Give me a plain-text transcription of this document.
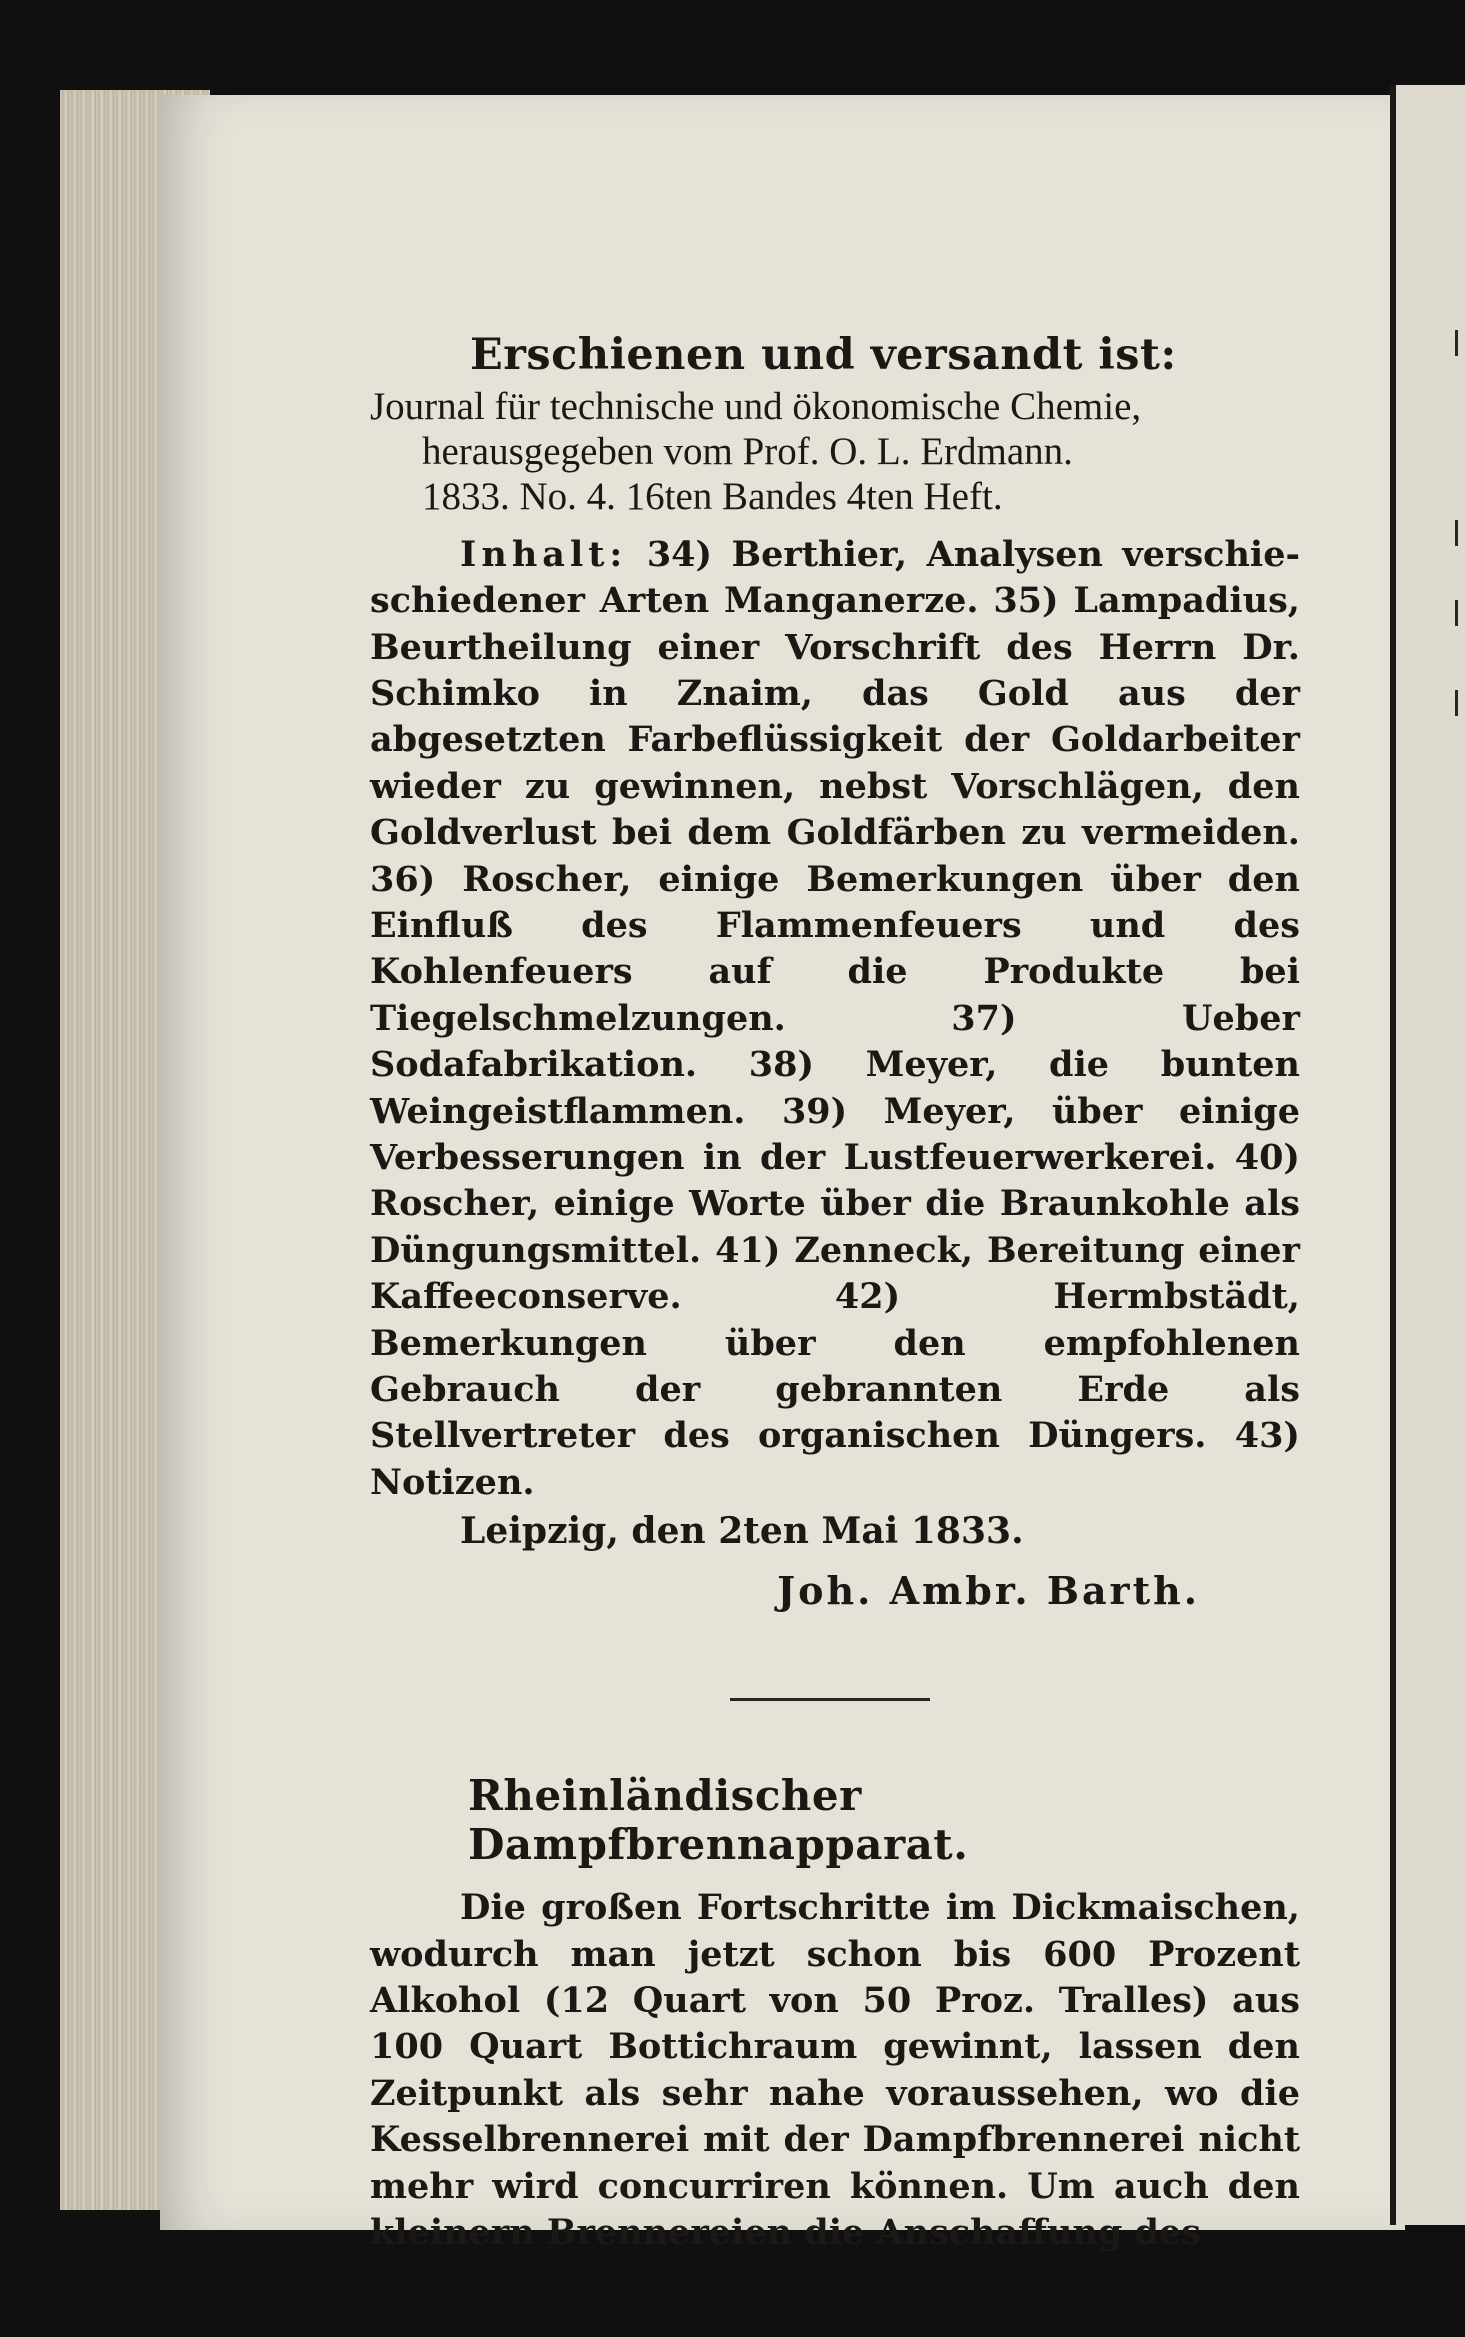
Erschienen und versandt ist:
Journal für technische und ökonomische Chemie,
herausgegeben vom Prof. O. L. Erdmann.
1833. No. 4. 16ten Bandes 4ten Heft.

Inhalt: 34) Berthier, Analysen verschie- schiedener Arten Manganerze. 35) Lampadius, Beurtheilung einer Vorschrift des Herrn Dr. Schimko in Znaim, das Gold aus der abgesetzten Farbeflüssigkeit der Goldarbeiter wieder zu gewinnen, nebst Vorschlägen, den Goldverlust bei dem Goldfärben zu vermeiden. 36) Roscher, einige Bemerkungen über den Einfluß des Flammenfeuers und des Kohlenfeuers auf die Produkte bei Tiegelschmelzungen. 37) Ueber Sodafabrikation. 38) Meyer, die bunten Weingeistflammen. 39) Meyer, über einige Verbesserungen in der Lustfeuerwerkerei. 40) Roscher, einige Worte über die Braunkohle als Düngungsmittel. 41) Zenneck, Bereitung einer Kaffeeconserve. 42) Hermbstädt, Bemerkungen über den empfohlenen Gebrauch der gebrannten Erde als Stellvertreter des organischen Düngers. 43) Notizen.

Leipzig, den 2ten Mai 1833.
Joh. Ambr. Barth.
Rheinländischer Dampfbrennapparat.

Die großen Fortschritte im Dickmaischen, wodurch man jetzt schon bis 600 Prozent Alkohol (12 Quart von 50 Proz. Tralles) aus 100 Quart Bottichraum gewinnt, lassen den Zeitpunkt als sehr nahe voraussehen, wo die Kesselbrennerei mit der Dampfbrennerei nicht mehr wird concurriren können. Um auch den kleinern Brennereien die Anschaffung des
